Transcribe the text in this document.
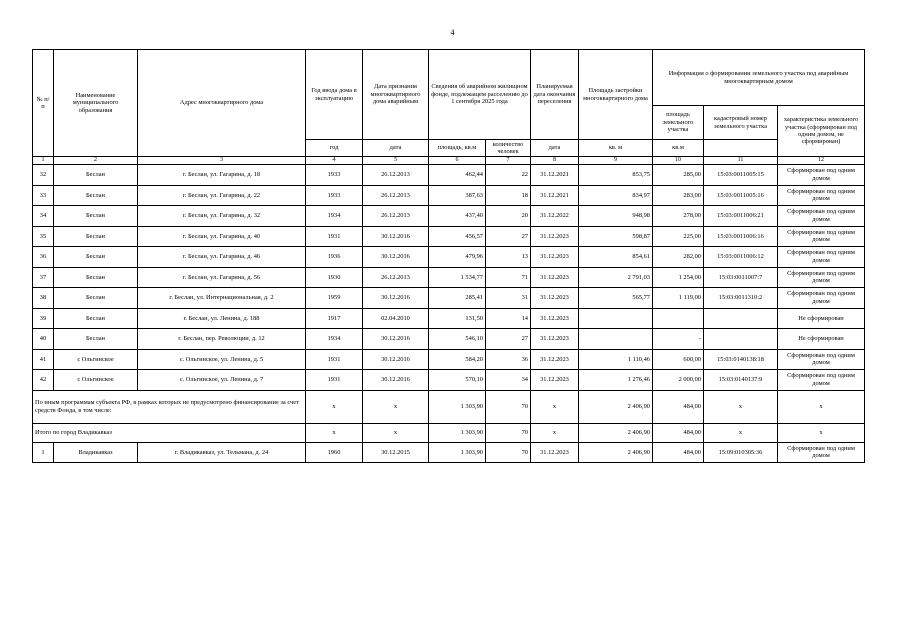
4
№ п/п	Наименование муниципального образования	Адрес многоквартирного дома	Год ввода дома в эксплуатацию	Дата признания многоквартирного дома аварийным	Сведения об аварийном жилищном фонде, подлежащем расселению до 1 сентября 2025 года		Планируемая дата окончания переселения	Площадь застройки многоквартирного дома	Информация о формировании земельного участка под аварийным многоквартирным домом		
									площадь земельного участка	кадастровый номер земельного участка	характеристика земельного участка (сформирован под одним домом, не сформирован)
			год	дата	площадь, кв.м	количество человек	дата	кв. м	кв.м		
1	2	3	4	5	6	7	8	9	10	11	12
32	Беслан	г. Беслан, ул. Гагарина, д. 18	1933	26.12.2013	462,44	22	31.12.2021	853,75	285,00	15:03:0011005:15	Сформирован под одним домом
33	Беслан	г. Беслан, ул. Гагарина, д. 22	1933	26.12.2013	387,63	18	31.12.2021	834,97	283,00	15:03:0011005:16	Сформирован под одним домом
34	Беслан	г. Беслан, ул. Гагарина, д. 32	1934	26.12.2013	437,40	20	31.12.2022	948,98	278,00	15:03:0011006:21	Сформирован под одним домом
35	Беслан	г. Беслан, ул. Гагарина, д. 40	1931	30.12.2016	456,57	27	31.12.2023	598,87	225,00	15:03:0011006:16	Сформирован под одним домом
36	Беслан	г. Беслан, ул. Гагарина, д. 46	1936	30.12.2016	479,96	13	31.12.2023	854,61	282,00	15:03:0011006:12	Сформирован под одним домом
37	Беслан	г. Беслан, ул. Гагарина, д. 56	1930	26.12.2013	1 534,77	71	31.12.2023	2 791,03	1 254,00	15:03:0011007:7	Сформирован под одним домом
38	Беслан	г. Беслан, ул. Интернациональная, д. 2	1959	30.12.2016	285,41	31	31.12.2023	565,77	1 119,00	15:03:0011310:2	Сформирован под одним домом
39	Беслан	г. Беслан, ул. Ленина, д. 188	1917	02.04.2010	131,50	14	31.12.2023				Не сформирован
40	Беслан	г. Беслан, пер. Революции, д. 12	1934	30.12.2016	546,10	27	31.12.2023		-		Не сформирован
41	с Ольгинское	с. Ольгинское, ул. Ленина, д. 5	1931	30.12.2016	584,20	36	31.12.2023	1 110,46	600,00	15:03:0140138:18	Сформирован под одним домом
42	с Ольгинское	с. Ольгинское, ул. Ленина, д. 7	1931	30.12.2016	570,10	34	31.12.2023	1 276,46	2 000,00	15:03:0140137:9	Сформирован под одним домом
По иным программам субъекта РФ, в рамках которых не предусмотрено финансирование за счет средств Фонда, в том числе:			x	x	1 303,90	70	x	2 406,90	484,00	x	x
Итого по город Владикавказ			x	x	1 303,90	70	x	2 406,90	484,00	x	x
1	Владикавказ	г. Владикавказ, ул. Тельмана, д. 24	1960	30.12.2015	1 303,90	70	31.12.2023	2 406,90	484,00	15:09:010305:36	Сформирован под одним домом
